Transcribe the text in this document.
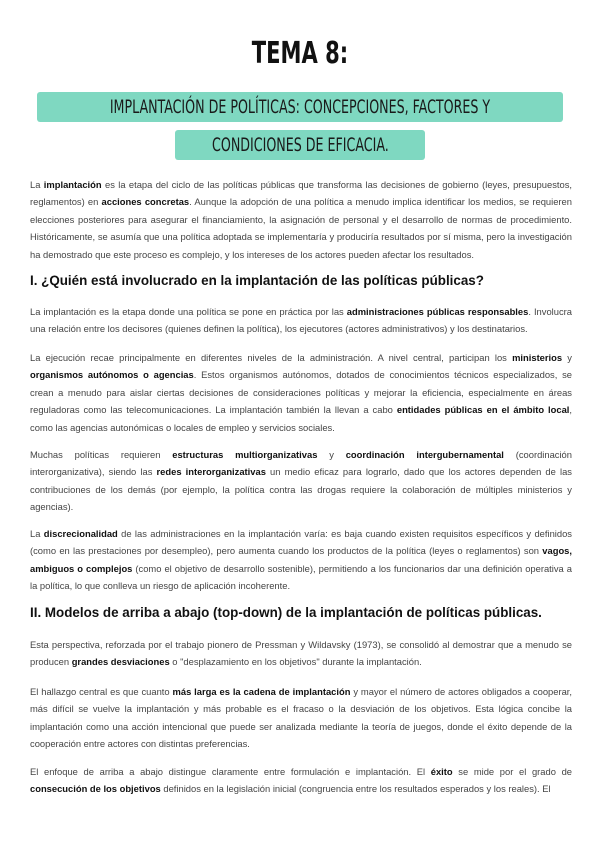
TEMA 8:
IMPLANTACIÓN DE POLÍTICAS: CONCEPCIONES, FACTORES Y
CONDICIONES DE EFICACIA.

La implantación es la etapa del ciclo de las políticas públicas que transforma las decisiones de gobierno (leyes, presupuestos, reglamentos) en acciones concretas. Aunque la adopción de una política a menudo implica identificar los medios, se requieren elecciones posteriores para asegurar el financiamiento, la asignación de personal y el desarrollo de normas de procedimiento. Históricamente, se asumía que una política adoptada se implementaría y produciría resultados por sí misma, pero la investigación ha demostrado que este proceso es complejo, y los intereses de los actores pueden afectar los resultados.

I. ¿Quién está involucrado en la implantación de las políticas públicas?

La implantación es la etapa donde una política se pone en práctica por las administraciones públicas responsables. Involucra una relación entre los decisores (quienes definen la política), los ejecutores (actores administrativos) y los destinatarios.

La ejecución recae principalmente en diferentes niveles de la administración. A nivel central, participan los ministerios y organismos autónomos o agencias. Estos organismos autónomos, dotados de conocimientos técnicos especializados, se crean a menudo para aislar ciertas decisiones de consideraciones políticas y mejorar la eficiencia, especialmente en áreas reguladoras como las telecomunicaciones. La implantación también la llevan a cabo entidades públicas en el ámbito local, como las agencias autonómicas o locales de empleo y servicios sociales.

Muchas políticas requieren estructuras multiorganizativas y coordinación intergubernamental (coordinación interorganizativa), siendo las redes interorganizativas un medio eficaz para lograrlo, dado que los actores dependen de las contribuciones de los demás (por ejemplo, la política contra las drogas requiere la colaboración de múltiples ministerios y agencias).

La discrecionalidad de las administraciones en la implantación varía: es baja cuando existen requisitos específicos y definidos (como en las prestaciones por desempleo), pero aumenta cuando los productos de la política (leyes o reglamentos) son vagos, ambiguos o complejos (como el objetivo de desarrollo sostenible), permitiendo a los funcionarios dar una definición operativa a la política, lo que conlleva un riesgo de aplicación incoherente.

II. Modelos de arriba a abajo (top-down) de la implantación de políticas públicas.

Esta perspectiva, reforzada por el trabajo pionero de Pressman y Wildavsky (1973), se consolidó al demostrar que a menudo se producen grandes desviaciones o "desplazamiento en los objetivos" durante la implantación.

El hallazgo central es que cuanto más larga es la cadena de implantación y mayor el número de actores obligados a cooperar, más difícil se vuelve la implantación y más probable es el fracaso o la desviación de los objetivos. Esta lógica concibe la implantación como una acción intencional que puede ser analizada mediante la teoría de juegos, donde el éxito depende de la cooperación entre actores con distintas preferencias.

El enfoque de arriba a abajo distingue claramente entre formulación e implantación. El éxito se mide por el grado de consecución de los objetivos definidos en la legislación inicial (congruencia entre los resultados esperados y los reales). El
